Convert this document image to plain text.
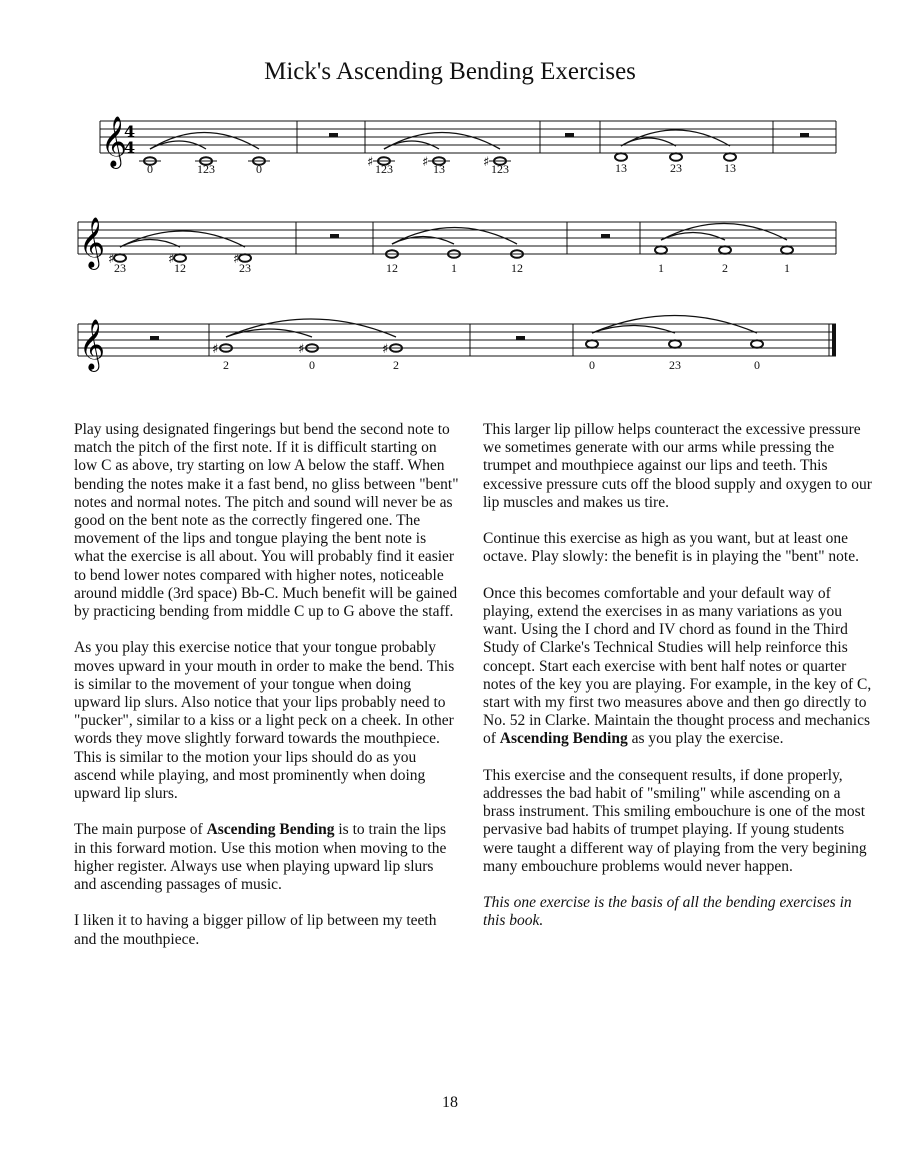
Mick's Ascending Bending Exercises
𝄞
4
4
0	123	0	♯	♯	♯
123	13	123	13	23	13
𝄞 ♯	♯	♯
23	12	23	12	1	12	1	2	1
𝄞	♯	♯	♯
2	0	2	0	23	0

Play using designated fingerings but bend the second note to match the pitch of the first note. If it is difficult starting on low C as above, try starting on low A below the staff. When bending the notes make it a fast bend, no gliss between "bent" notes and normal notes. The pitch and sound will never be as good on the bent note as the correctly fingered one. The movement of the lips and tongue playing the bent note is what the exercise is all about. You will probably find it easier to bend lower notes compared with higher notes, noticeable around middle (3rd space) Bb-C. Much benefit will be gained by practicing bending from middle C up to G above the staff.

As you play this exercise notice that your tongue probably moves upward in your mouth in order to make the bend. This is similar to the movement of your tongue when doing upward lip slurs. Also notice that your lips probably need to "pucker", similar to a kiss or a light peck on a cheek. In other words they move slightly forward towards the mouthpiece. This is similar to the motion your lips should do as you ascend while playing, and most prominently when doing upward lip slurs.

The main purpose of Ascending Bending is to train the lips in this forward motion. Use this motion when moving to the higher register. Always use when playing upward lip slurs and ascending passages of music.

I liken it to having a bigger pillow of lip between my teeth and the mouthpiece.

This larger lip pillow helps counteract the excessive pressure we sometimes generate with our arms while pressing the trumpet and mouthpiece against our lips and teeth. This excessive pressure cuts off the blood supply and oxygen to our lip muscles and makes us tire.

Continue this exercise as high as you want, but at least one octave. Play slowly: the benefit is in playing the "bent" note.

Once this becomes comfortable and your default way of playing, extend the exercises in as many variations as you want. Using the I chord and IV chord as found in the Third Study of Clarke's Technical Studies will help reinforce this concept. Start each exercise with bent half notes or quarter notes of the key you are playing. For example, in the key of C, start with my first two measures above and then go directly to No. 52 in Clarke. Maintain the thought process and mechanics of Ascending Bending as you play the exercise.

This exercise and the consequent results, if done properly, addresses the bad habit of "smiling" while ascending on a brass instrument. This smiling embouchure is one of the most pervasive bad habits of trumpet playing. If young students were taught a different way of playing from the very begining many embouchure problems would never happen.

This one exercise is the basis of all the bending exercises in this book.

18
